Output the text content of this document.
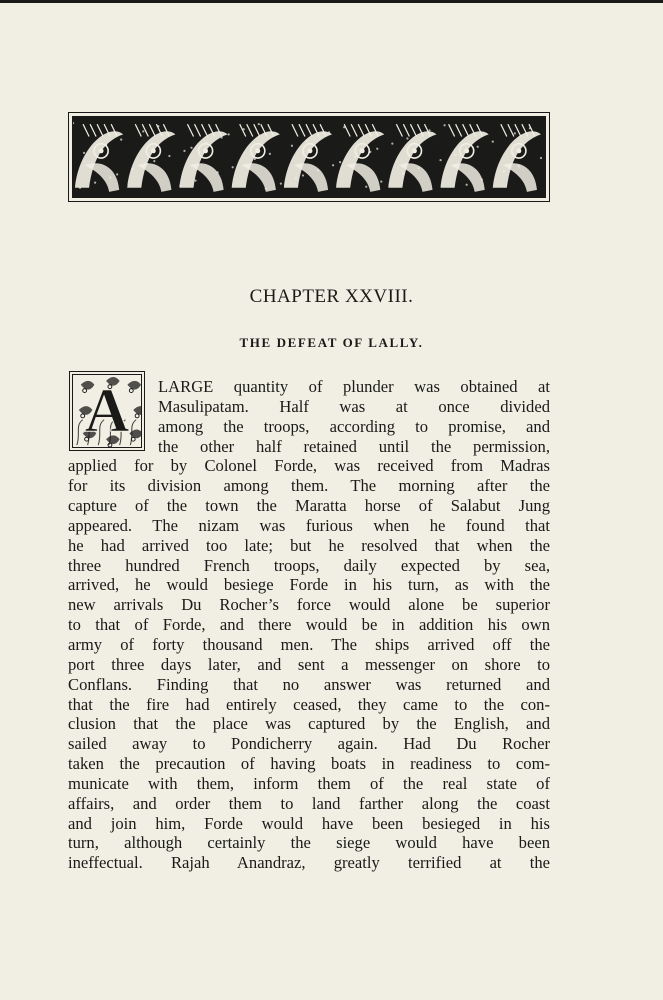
CHAPTER XXVIII.
THE DEFEAT OF LALLY.
A	LARGE quantity of plunder was obtained at
Masulipatam. Half was at once divided
among the troops, according to promise, and
the other half retained until the permission,
applied for by Colonel Forde, was received from Madras
for its division among them. The morning after the
capture of the town the Maratta horse of Salabut Jung
appeared. The nizam was furious when he found that
he had arrived too late; but he resolved that when the
three hundred French troops, daily expected by sea,
arrived, he would besiege Forde in his turn, as with the
new arrivals Du Rocher’s force would alone be superior
to that of Forde, and there would be in addition his own
army of forty thousand men. The ships arrived off the
port three days later, and sent a messenger on shore to
Conflans. Finding that no answer was returned and
that the fire had entirely ceased, they came to the con-
clusion that the place was captured by the English, and
sailed away to Pondicherry again. Had Du Rocher
taken the precaution of having boats in readiness to com-
municate with them, inform them of the real state of
affairs, and order them to land farther along the coast
and join him, Forde would have been besieged in his
turn, although certainly the siege would have been
ineffectual. Rajah Anandraz, greatly terrified at the
